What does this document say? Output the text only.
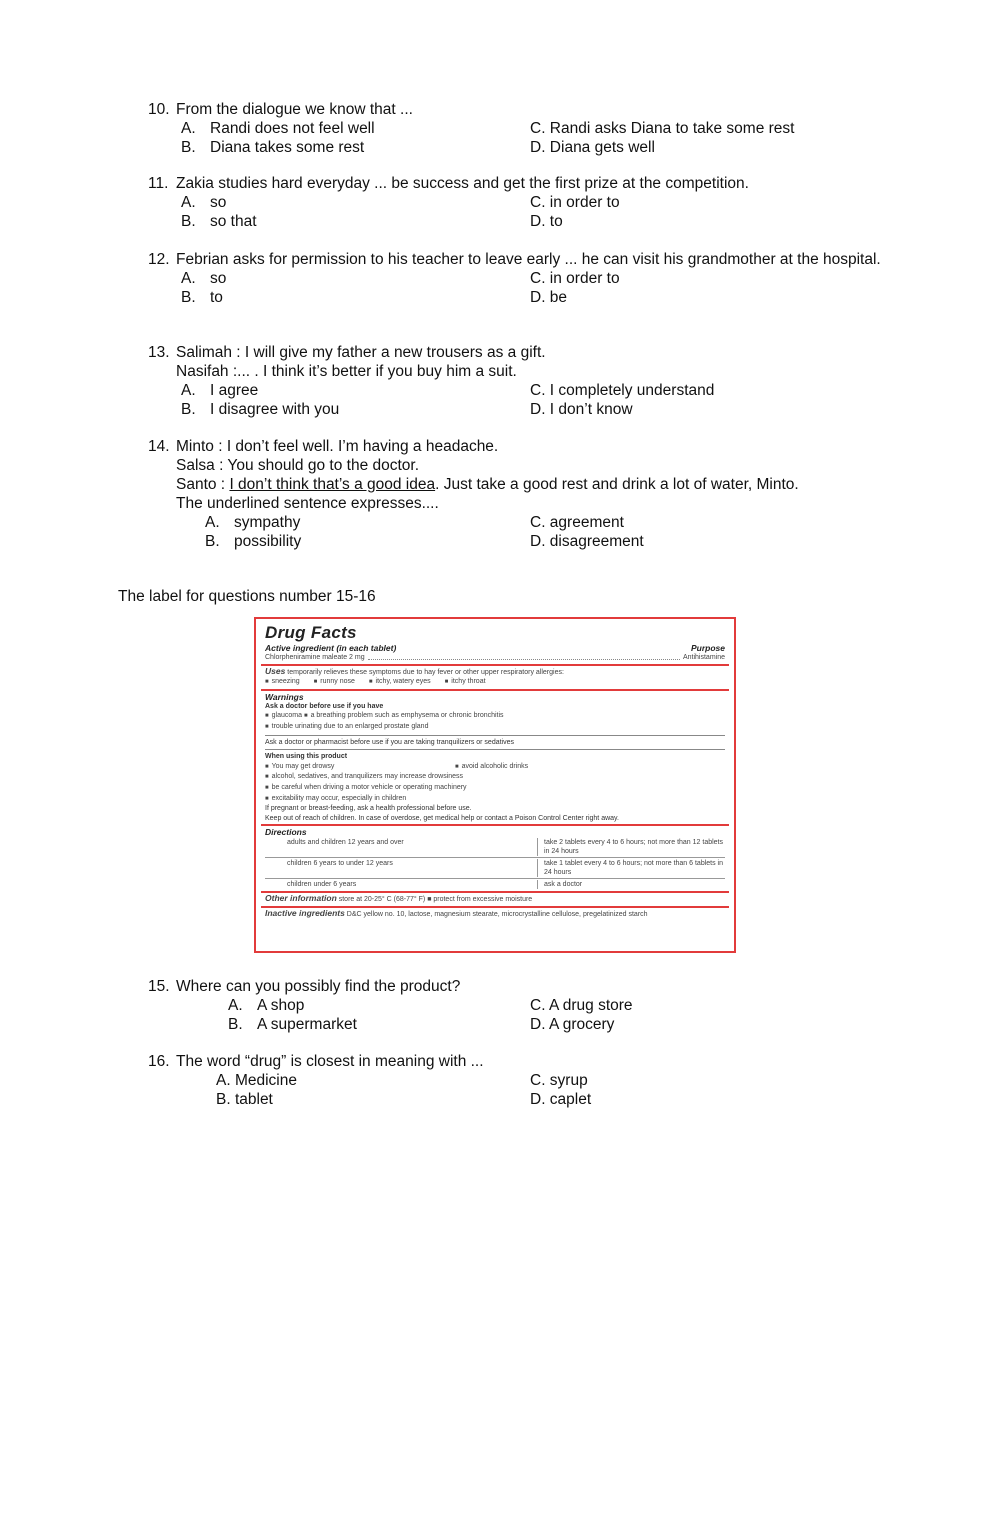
10. From the dialogue we know that ...
A. Randi does not feel well	C. Randi asks Diana to take some rest
B. Diana takes some rest	D. Diana gets well
11. Zakia studies hard everyday ... be success and get the first prize at the competition.
A. so	C. in order to
B. so that	D. to
12. Febrian asks for permission to his teacher to leave early ... he can visit his grandmother at the hospital.
A. so	C. in order to
B. to	D. be
13. Salimah : I will give my father a new trousers as a gift.
Nasifah :... . I think it’s better if you buy him a suit.
A. I agree	C. I completely understand
B. I disagree with you	D. I don’t know
14. Minto : I don’t feel well. I’m having a headache.
Salsa : You should go to the doctor.
Santo : I don’t think that’s a good idea. Just take a good rest and drink a lot of water, Minto.
The underlined sentence expresses....
A. sympathy	C. agreement
B. possibility	D. disagreement
The label for questions number 15-16
Drug Facts
Active ingredient (in each tablet)	Purpose
Chlorpheniramine maleate 2 mg	Antihistamine
Uses temporarily relieves these symptoms due to hay fever or other upper respiratory allergies:
■ sneezing	■ runny nose	■ itchy, watery eyes	■ itchy throat
Warnings
Ask a doctor before use if you have
■ glaucoma ■ a breathing problem such as emphysema or chronic bronchitis
■ trouble urinating due to an enlarged prostate gland
Ask a doctor or pharmacist before use if you are taking tranquilizers or sedatives
When using this product
■ You may get drowsy	■ avoid alcoholic drinks
■ alcohol, sedatives, and tranquilizers may increase drowsiness
■ be careful when driving a motor vehicle or operating machinery
■ excitability may occur, especially in children
If pregnant or breast-feeding, ask a health professional before use.
Keep out of reach of children. In case of overdose, get medical help or contact a Poison Control Center right away.
Directions
adults and children 12 years and over	take 2 tablets every 4 to 6 hours; not more than 12 tablets in 24 hours
children 6 years to under 12 years	take 1 tablet every 4 to 6 hours; not more than 6 tablets in 24 hours
children under 6 years	ask a doctor
Other information store at 20-25° C (68-77° F) ■ protect from excessive moisture
Inactive ingredients D&C yellow no. 10, lactose, magnesium stearate, microcrystalline cellulose, pregelatinized starch
15. Where can you possibly find the product?
A. A shop	C. A drug store
B. A supermarket	D. A grocery
16. The word “drug” is closest in meaning with ...
A. Medicine	C. syrup
B. tablet	D. caplet
